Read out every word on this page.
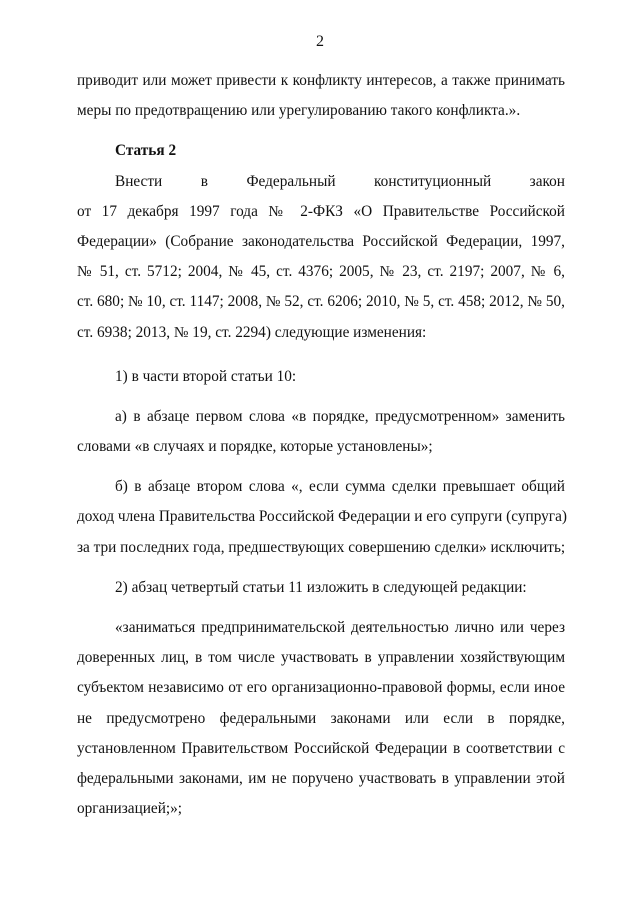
2
приводит или может привести к конфликту интересов, а также принимать
меры по предотвращению или урегулированию такого конфликта.».
Статья 2
Внести в Федеральный конституционный закон
от 17 декабря 1997 года № 2-ФКЗ «О Правительстве Российской
Федерации» (Собрание законодательства Российской Федерации, 1997,
№ 51, ст. 5712; 2004, № 45, ст. 4376; 2005, № 23, ст. 2197; 2007, № 6,
ст. 680; № 10, ст. 1147; 2008, № 52, ст. 6206; 2010, № 5, ст. 458; 2012, № 50,
ст. 6938; 2013, № 19, ст. 2294) следующие изменения:
1) в части второй статьи 10:
а) в абзаце первом слова «в порядке, предусмотренном» заменить
словами «в случаях и порядке, которые установлены»;
б) в абзаце втором слова «, если сумма сделки превышает общий
доход члена Правительства Российской Федерации и его супруги (супруга)
за три последних года, предшествующих совершению сделки» исключить;
2) абзац четвертый статьи 11 изложить в следующей редакции:
«заниматься предпринимательской деятельностью лично или через
доверенных лиц, в том числе участвовать в управлении хозяйствующим
субъектом независимо от его организационно-правовой формы, если иное
не предусмотрено федеральными законами или если в порядке,
установленном Правительством Российской Федерации в соответствии с
федеральными законами, им не поручено участвовать в управлении этой
организацией;»;
